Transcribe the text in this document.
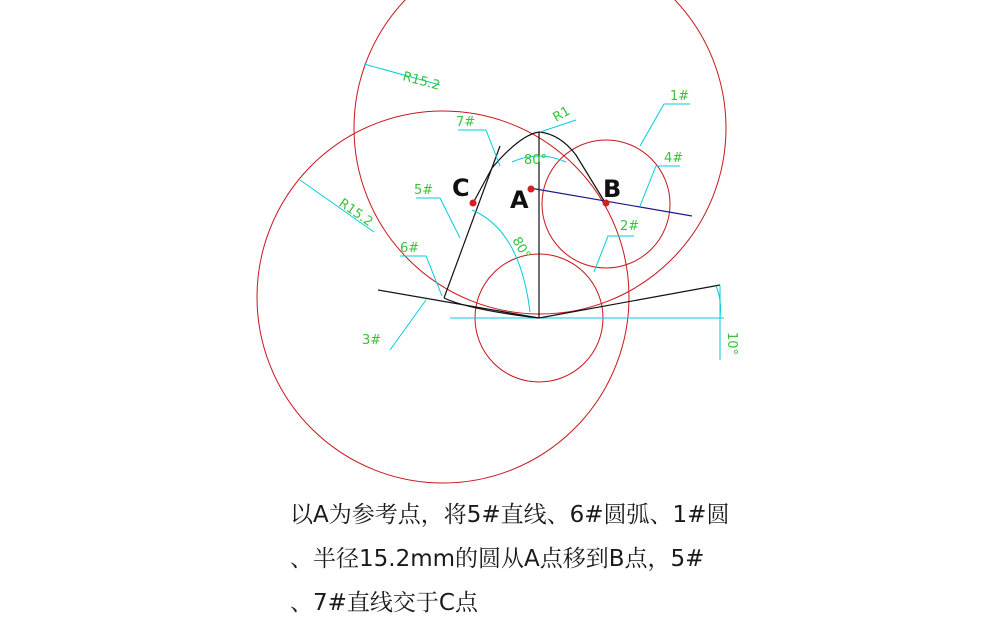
R15.2
R15.2
R1
80°
80°
10°
1#
2#
3#
4#
5#
6#
7#
A	B
C
以A为参考点，将5#直线、6#圆弧、1#圆
、半径15.2mm的圆从A点移到B点，5#
、7#直线交于C点
